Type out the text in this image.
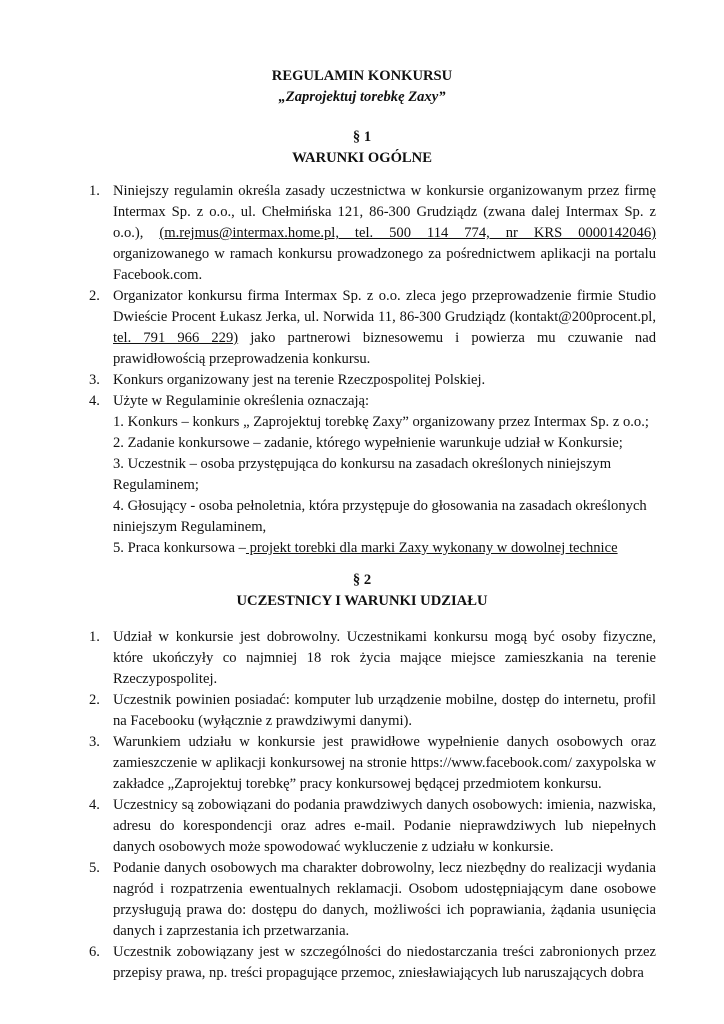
REGULAMIN KONKURSU
„Zaprojektuj torebkę Zaxy”
§ 1
WARUNKI OGÓLNE
1. Niniejszy regulamin określa zasady uczestnictwa w konkursie organizowanym przez firmę Intermax Sp. z o.o., ul. Chełmińska 121, 86-300 Grudziądz (zwana dalej Intermax Sp. z o.o.), (m.rejmus@intermax.home.pl, tel. 500 114 774, nr KRS 0000142046) organizowanego w ramach konkursu prowadzonego za pośrednictwem aplikacji na portalu Facebook.com.
2. Organizator konkursu firma Intermax Sp. z o.o. zleca jego przeprowadzenie firmie Studio Dwieście Procent Łukasz Jerka, ul. Norwida 11, 86-300 Grudziądz (kontakt@200procent.pl, tel. 791 966 229) jako partnerowi biznesowemu i powierza mu czuwanie nad prawidłowością przeprowadzenia konkursu.
3. Konkurs organizowany jest na terenie Rzeczpospolitej Polskiej.
4. Użyte w Regulaminie określenia oznaczają:
1. Konkurs – konkurs „ Zaprojektuj torebkę Zaxy” organizowany przez Intermax Sp. z o.o.;
2. Zadanie konkursowe – zadanie, którego wypełnienie warunkuje udział w Konkursie;
3. Uczestnik – osoba przystępująca do konkursu na zasadach określonych niniejszym Regulaminem;
4. Głosujący - osoba pełnoletnia, która przystępuje do głosowania na zasadach określonych niniejszym Regulaminem,
5. Praca konkursowa – projekt torebki dla marki Zaxy wykonany w dowolnej technice
§ 2
UCZESTNICY I WARUNKI UDZIAŁU
1. Udział w konkursie jest dobrowolny. Uczestnikami konkursu mogą być osoby fizyczne, które ukończyły co najmniej 18 rok życia mające miejsce zamieszkania na terenie Rzeczypospolitej.
2. Uczestnik powinien posiadać: komputer lub urządzenie mobilne, dostęp do internetu, profil na Facebooku (wyłącznie z prawdziwymi danymi).
3. Warunkiem udziału w konkursie jest prawidłowe wypełnienie danych osobowych oraz zamieszczenie w aplikacji konkursowej na stronie https://www.facebook.com/ zaxypolska w zakładce „Zaprojektuj torebkę” pracy konkursowej będącej przedmiotem konkursu.
4. Uczestnicy są zobowiązani do podania prawdziwych danych osobowych: imienia, nazwiska, adresu do korespondencji oraz adres e-mail. Podanie nieprawdziwych lub niepełnych danych osobowych może spowodować wykluczenie z udziału w konkursie.
5. Podanie danych osobowych ma charakter dobrowolny, lecz niezbędny do realizacji wydania nagród i rozpatrzenia ewentualnych reklamacji. Osobom udostępniającym dane osobowe przysługują prawa do: dostępu do danych, możliwości ich poprawiania, żądania usunięcia danych i zaprzestania ich przetwarzania.
6. Uczestnik zobowiązany jest w szczególności do niedostarczania treści zabronionych przez przepisy prawa, np. treści propagujące przemoc, zniesławiających lub naruszających dobra
